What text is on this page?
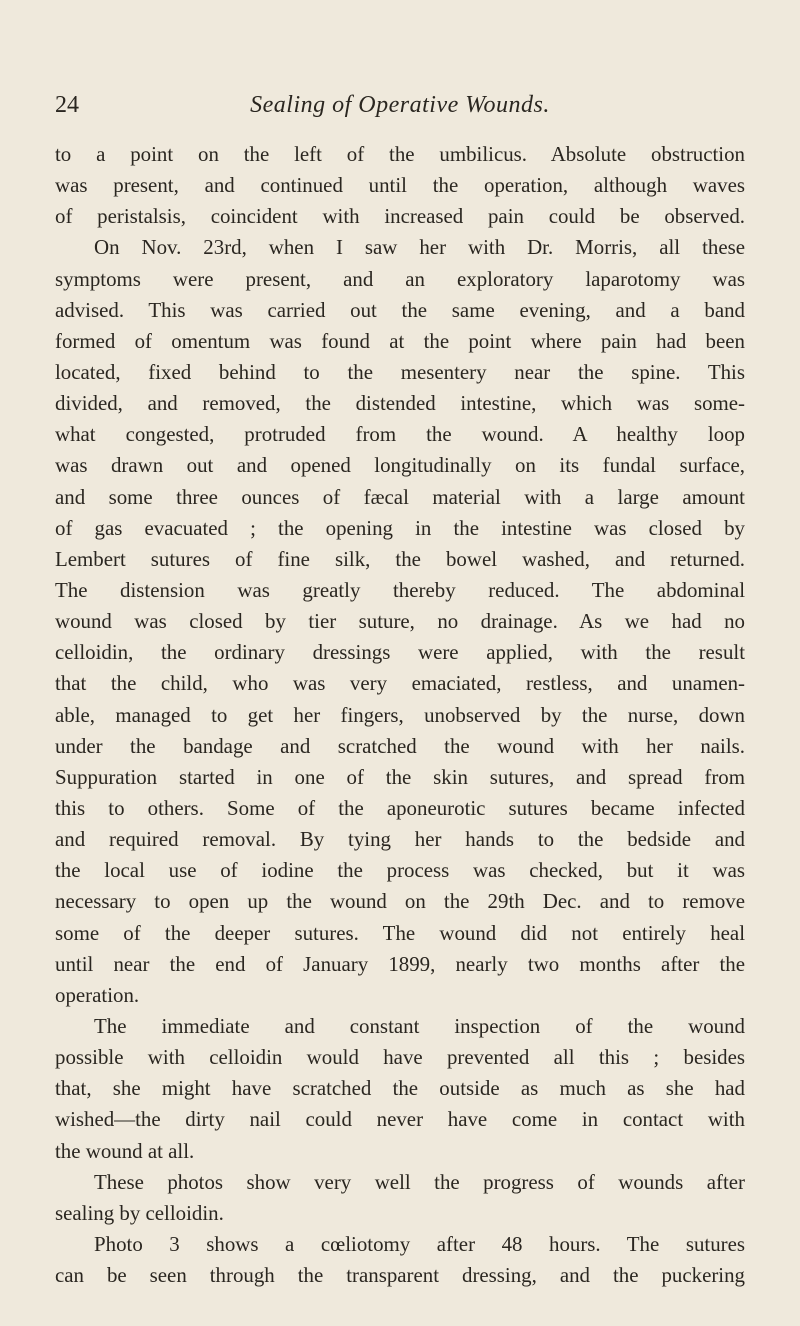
24	Sealing of Operative Wounds.
to a point on the left of the umbilicus. Absolute obstruction
was present, and continued until the operation, although waves
of peristalsis, coincident with increased pain could be observed.
On Nov. 23rd, when I saw her with Dr. Morris, all these
symptoms were present, and an exploratory laparotomy was
advised. This was carried out the same evening, and a band
formed of omentum was found at the point where pain had been
located, fixed behind to the mesentery near the spine. This
divided, and removed, the distended intestine, which was some-
what congested, protruded from the wound. A healthy loop
was drawn out and opened longitudinally on its fundal surface,
and some three ounces of fæcal material with a large amount
of gas evacuated ; the opening in the intestine was closed by
Lembert sutures of fine silk, the bowel washed, and returned.
The distension was greatly thereby reduced. The abdominal
wound was closed by tier suture, no drainage. As we had no
celloidin, the ordinary dressings were applied, with the result
that the child, who was very emaciated, restless, and unamen-
able, managed to get her fingers, unobserved by the nurse, down
under the bandage and scratched the wound with her nails.
Suppuration started in one of the skin sutures, and spread from
this to others. Some of the aponeurotic sutures became infected
and required removal. By tying her hands to the bedside and
the local use of iodine the process was checked, but it was
necessary to open up the wound on the 29th Dec. and to remove
some of the deeper sutures. The wound did not entirely heal
until near the end of January 1899, nearly two months after the
operation.
The immediate and constant inspection of the wound
possible with celloidin would have prevented all this ; besides
that, she might have scratched the outside as much as she had
wished—the dirty nail could never have come in contact with
the wound at all.
These photos show very well the progress of wounds after
sealing by celloidin.
Photo 3 shows a cœliotomy after 48 hours. The sutures
can be seen through the transparent dressing, and the puckering
